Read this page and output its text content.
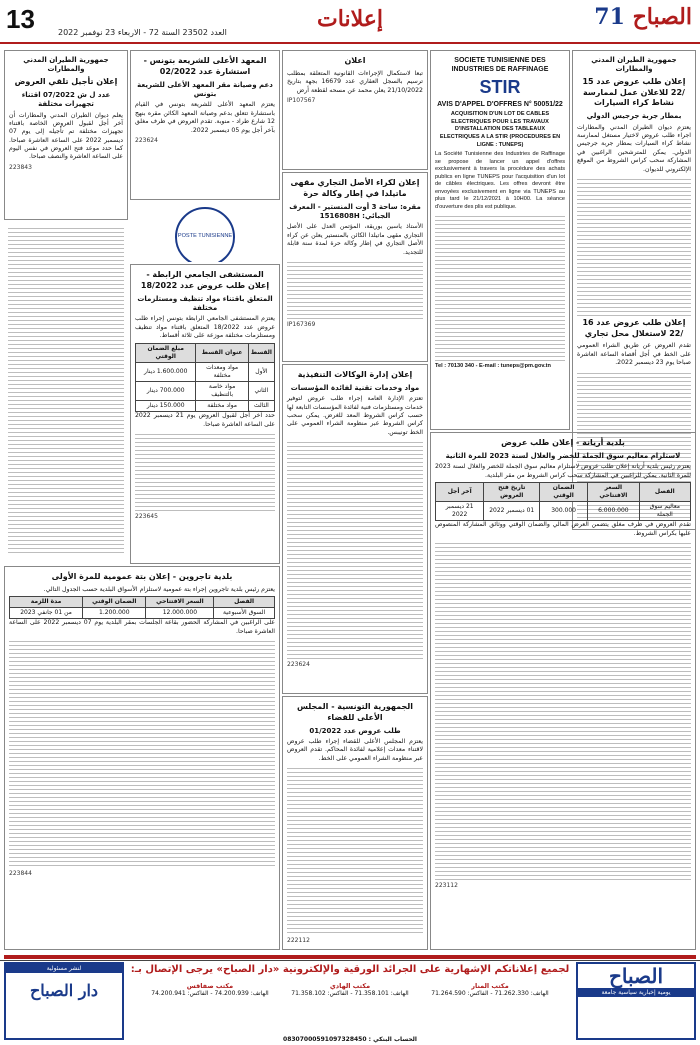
13	العدد 23502 السنة 72 - الاربعاء 23 نوفمبر 2022
إعلانات	71 الصباح
جمهورية الطيران المدني والمطارات
إعلان طلب عروض عدد 15 /22 للاعلان عمل لممارسة نشاط كراء السيارات
بمطار جربة جرجيس الدولي

يعتزم ديوان الطيران المدني والمطارات اجراء طلب عروض لاختيار مستغل لممارسة نشاط كراء السيارات بمطار جربة جرجيس الدولي. يمكن للمترشحين الراغبين في المشاركة سحب كراس الشروط من الموقع الإلكتروني للديوان.

إعلان طلب عروض عدد 16 /22 لاستغلال محل تجاري

تقدم العروض عن طريق الشراء العمومي على الخط في أجل أقصاه الساعة العاشرة صباحا يوم 23 ديسمبر 2022.

SOCIETE TUNISIENNE DES INDUSTRIES DE RAFFINAGE
STIR
AVIS D'APPEL D'OFFRES N° 50051/22

ACQUISITION D'UN LOT DE CABLES ELECTRIQUES POUR LES TRAVAUX D'INSTALLATION DES TABLEAUX ELECTRIQUES A LA STIR (PROCEDURES EN LIGNE : TUNEPS)

La Société Tunisienne des Industries de Raffinage se propose de lancer un appel d'offres exclusivement à travers la procédure des achats publics en ligne TUNEPS pour l'acquisition d'un lot de câbles électriques. Les offres devront être envoyées exclusivement en ligne via TUNEPS au plus tard le 21/12/2021 à 10H00. La séance d'ouverture des plis est publique.

Tel : 70130 340 - E-mail : tuneps@pm.gov.tn

اعلان

تبعا لاستكمال الإجراءات القانونية المتعلقة بمطلب ترسيم بالسجل العقاري عدد 16679 بجهة بتاريخ 21/10/2022 يعلن محمد عن مسحه لقطعة أرض

IP107567
إعلان لكراء الأصل التجاري مقهى ماتيلدا في إطار وكالة حرة
مقره: ساحة 3 أوت المنستير - المعرف الجبائي: 1516808H

الأستاذ ياسين بوريقة، المؤتمن العدل على الأصل التجاري مقهى ماتيلدا الكائن بالمنستير يعلن عن كراء الأصل التجاري في إطار وكالة حرة لمدة سنة قابلة للتجديد.

IP167369
إعلان إدارة الوكالات التنفيذية
مواد وخدمات تقنية لفائدة المؤسسات

تعتزم الإدارة العامة إجراء طلب عروض لتوفير خدمات ومستلزمات فنية لفائدة المؤسسات التابعة لها حسب كراس الشروط المعد للغرض. يمكن سحب كراس الشروط عبر منظومة الشراء العمومي على الخط تونيبس.

223624
الجمهورية التونسية - المجلس الأعلى للقضاء
طلب عروض عدد 01/2022

يعتزم المجلس الأعلى للقضاء إجراء طلب عروض لاقتناء معدات إعلامية لفائدة المحاكم. تقدم العروض عبر منظومة الشراء العمومي على الخط.

222112
المعهد الأعلى للشريعة بتونس - استشارة عدد 02/2022
دعم وصيانة مقر المعهد الأعلى للشريعة بتونس

يعتزم المعهد الأعلى للشريعة بتونس في القيام باستشارة تتعلق بدعم وصيانة المعهد الكائن مقره بنهج 12 شارع طراد - منوبة. تقدم العروض في ظرف مغلق بآخر أجل يوم 05 ديسمبر 2022.

223624
POSTE TUNISIENNE
المستشفى الجامعي الرابطة - إعلان طلب عروض عدد 18/2022
المتعلق باقتناء مواد تنظيف ومستلزمات مختلفة

يعتزم المستشفى الجامعي الرابطة بتونس إجراء طلب عروض عدد 18/2022 المتعلق باقتناء مواد تنظيف ومستلزمات مختلفة موزعة على ثلاثة أقساط.

القسط	عنوان القسط	مبلغ الضمان الوقتي
الأول	مواد ومعدات مختلفة	1.600.000 دينار
الثاني	مواد خاصة بالتنظيف	700.000 دينار
الثالث	مواد مختلفة	150.000 دينار

حدد آخر أجل لقبول العروض يوم 21 ديسمبر 2022 على الساعة العاشرة صباحا.

223645
جمهورية الطيران المدني والمطارات
إعلان تأجيل تلقي العروض
عدد ل ش 07/2022 اقتناء تجهيزات مختلفة

يعلم ديوان الطيران المدني والمطارات أن آخر أجل لقبول العروض الخاصة باقتناء تجهيزات مختلفة تم تأجيله إلى يوم 07 ديسمبر 2022 على الساعة العاشرة صباحا. كما حدد موعد فتح العروض في نفس اليوم على الساعة العاشرة والنصف صباحا.

223843
بلدية تاجروين - إعلان بتة عمومية للمرة الأولى

يعتزم رئيس بلدية تاجروين إجراء بتة عمومية لاستلزام الأسواق البلدية حسب الجدول التالي.

الفصل	السعر الافتتاحي	الضمان الوقتي	مدة اللزمة
السوق الأسبوعية	12.000.000	1.200.000	من 01 جانفي 2023

على الراغبين في المشاركة الحضور بقاعة الجلسات بمقر البلدية يوم 07 ديسمبر 2022 على الساعة العاشرة صباحا.

223844
بلدية أريانة - إعلان طلب عروض
لاستلزام معاليم سوق الجملة للخضر والغلال لسنة 2023 للمرة الثانية

يعتزم رئيس بلدية أريانة إعلان طلب عروض لاستلزام معاليم سوق الجملة للخضر والغلال لسنة 2023 للمرة الثانية. يمكن للراغبين في المشاركة سحب كراس الشروط من مقر البلدية.

الفصل	السعر الافتتاحي	الضمان الوقتي	تاريخ فتح العروض	آخر أجل
معاليم سوق الجملة	6.000.000	300.000	01 ديسمبر 2022	21 ديسمبر 2022

تقدم العروض في ظرف مغلق يتضمن العرض المالي والضمان الوقتي ووثائق المشاركة المنصوص عليها بكراس الشروط.

223112
لجميع إعلاناتكم الإشهارية على الجرائد الورقية والإلكترونية «دار الصباح» يرجى الإتصال بـ:
مكتب المنار
الهاتف: 71.262.330 - الفاكس: 71.264.590
مكتب الهادي
الهاتف: 71.358.101 - الفاكس: 71.358.102
مكتب صفاقس
الهاتف: 74.200.939 - الفاكس: 74.200.941
الصباح
يومية إخبارية سياسية جامعة
لنشر مسئولية
دار الصباح
الحساب البنكي : 08307000591097328450
